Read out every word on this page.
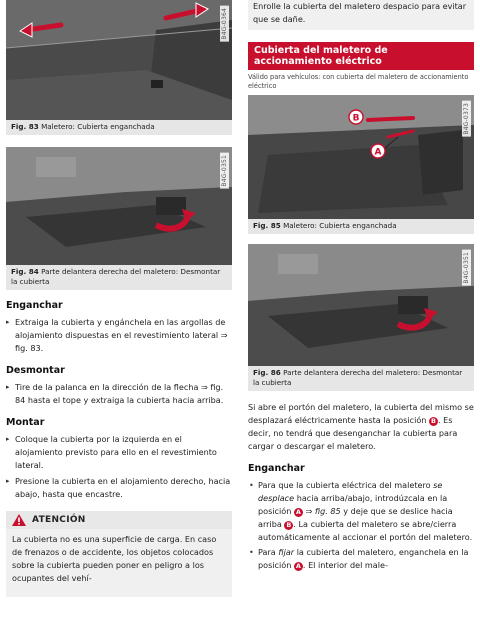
B4G-0364
Fig. 83 Maletero: Cubierta enganchada
B4G-0351
Fig. 84 Parte delantera derecha del maletero: Desmontar la cubierta
Enganchar
▸ Extraiga la cubierta y engánchela en las argollas de alojamiento dispuestas en el revestimiento lateral ⇒ fig. 83.
Desmontar
▸ Tire de la palanca en la dirección de la flecha ⇒ fig. 84 hasta el tope y extraiga la cubierta hacia arriba.
Montar
▸ Coloque la cubierta por la izquierda en el alojamiento previsto para ello en el revestimiento lateral.
▸ Presione la cubierta en el alojamiento derecho, hacia abajo, hasta que encastre.
ATENCIÓN
La cubierta no es una superficie de carga. En caso de frenazos o de accidente, los objetos colocados sobre la cubierta pueden poner en peligro a los ocupantes del vehí-
Enrolle la cubierta del maletero despacio para evitar que se dañe.
Cubierta del maletero de accionamiento eléctrico
Válido para vehículos: con cubierta del maletero de accionamiento eléctrico
B
A
B4G-0373
Fig. 85 Maletero: Cubierta enganchada
B4G-0351
Fig. 86 Parte delantera derecha del maletero: Desmontar la cubierta

Si abre el portón del maletero, la cubierta del mismo se desplazará eléctricamente hasta la posición B . Es decir, no tendrá que desenganchar la cubierta para cargar o descargar el maletero.

Enganchar
• Para que la cubierta eléctrica del maletero se desplace hacia arriba/abajo, introdúzcala en la posición A ⇒ fig. 85 y deje que se deslice hacia arriba B . La cubierta del maletero se abre/cierra automáticamente al accionar el portón del maletero.
• Para fijar la cubierta del maletero, enganchela en la posición A . El interior del male-
